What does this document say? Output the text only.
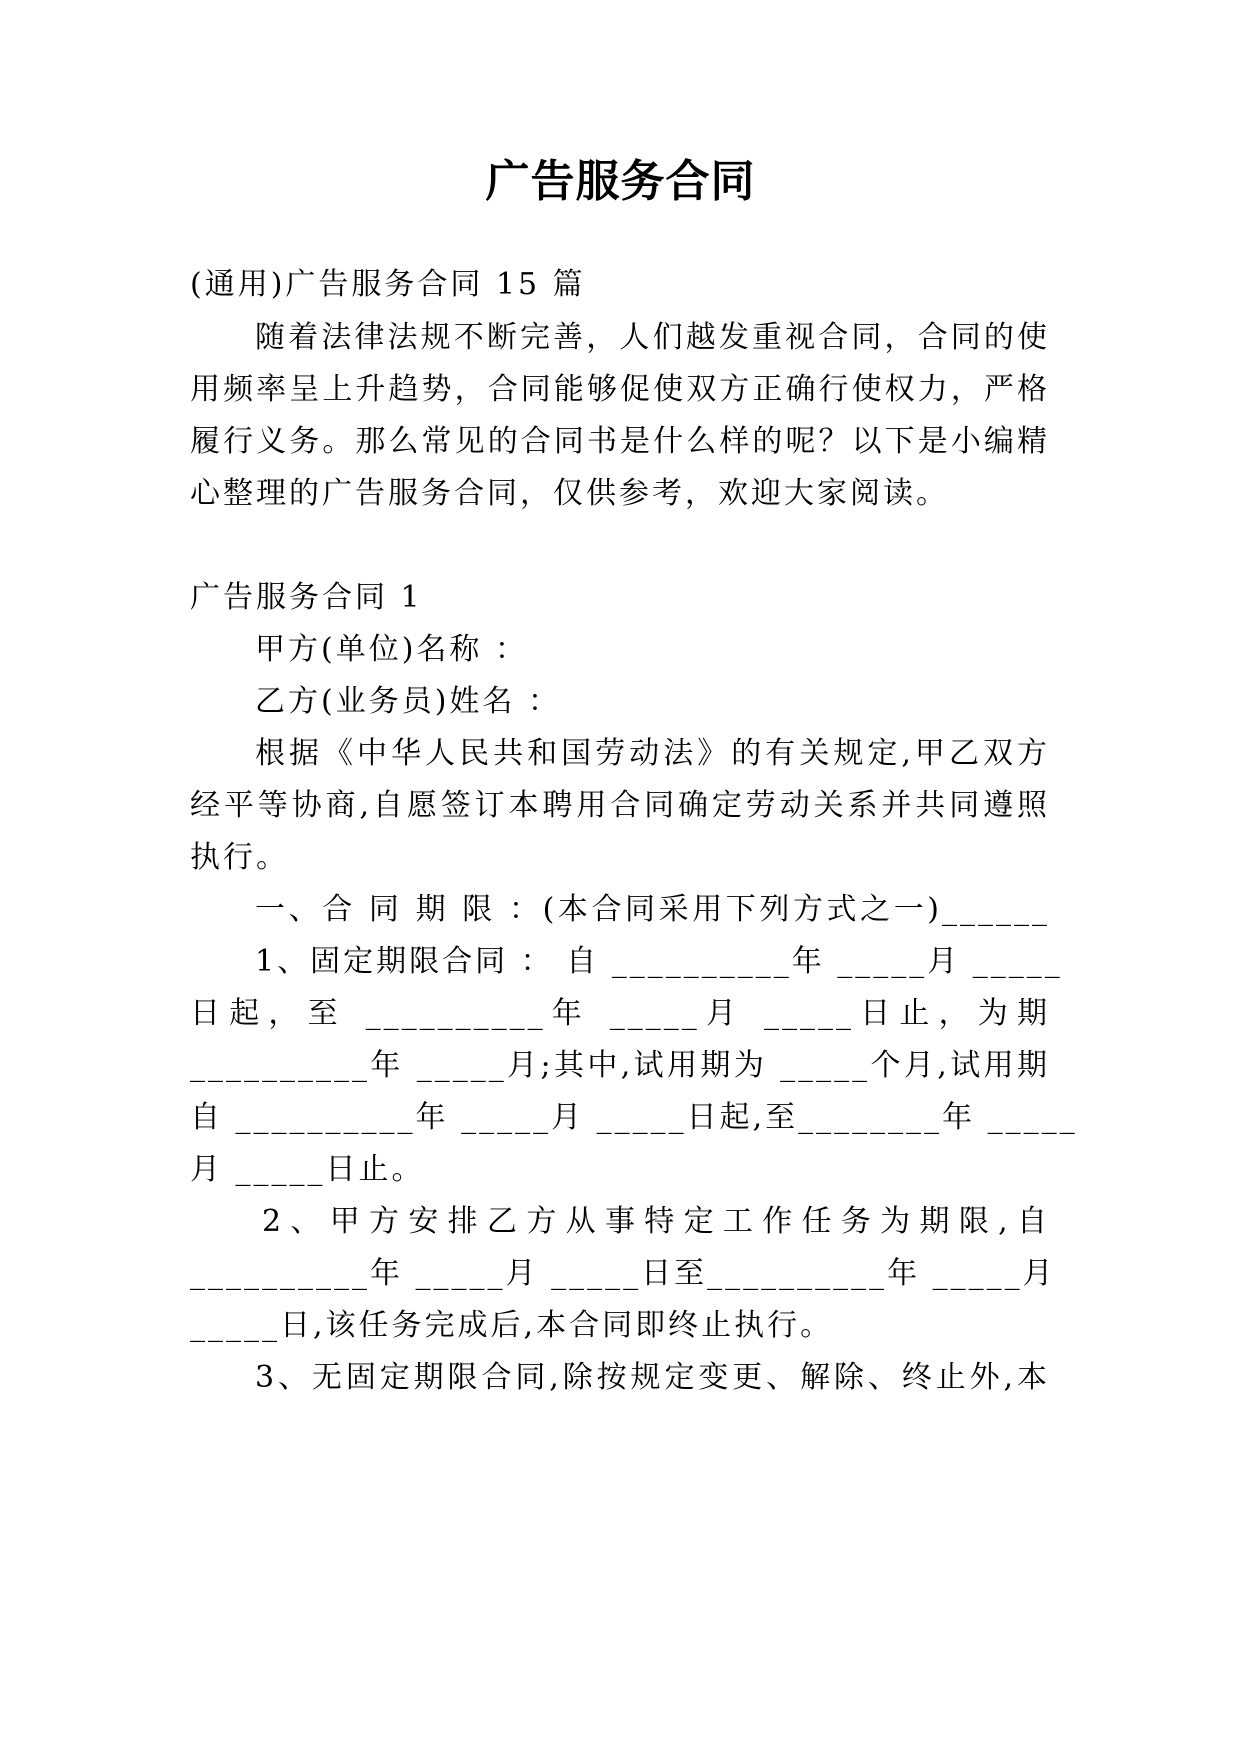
广告服务合同
(通用)广告服务合同 15 篇
随着法律法规不断完善，人们越发重视合同，合同的使
用频率呈上升趋势，合同能够促使双方正确行使权力，严格
履行义务。那么常见的合同书是什么样的呢？以下是小编精
心整理的广告服务合同，仅供参考，欢迎大家阅读。
广告服务合同 1
甲方(单位)名称 ：
乙方(业务员)姓名 ：
根据《中华人民共和国劳动法》的有关规定,甲乙双方
经平等协商,自愿签订本聘用合同确定劳动关系并共同遵照
执行。
一、合 同 期 限 ：(本合同采用下列方式之一)______
1、固定期限合同 ： 自 __________年 _____月 _____
日起，至 __________年 _____月 _____日止，为期
__________年 _____月;其中,试用期为 _____个月,试用期
自 __________年 _____月 _____日起,至________年 _____
月 _____日止。
2、甲方安排乙方从事特定工作任务为期限,自
__________年 _____月 _____日至__________年 _____月
_____日,该任务完成后,本合同即终止执行。
3、无固定期限合同,除按规定变更、解除、终止外,本
